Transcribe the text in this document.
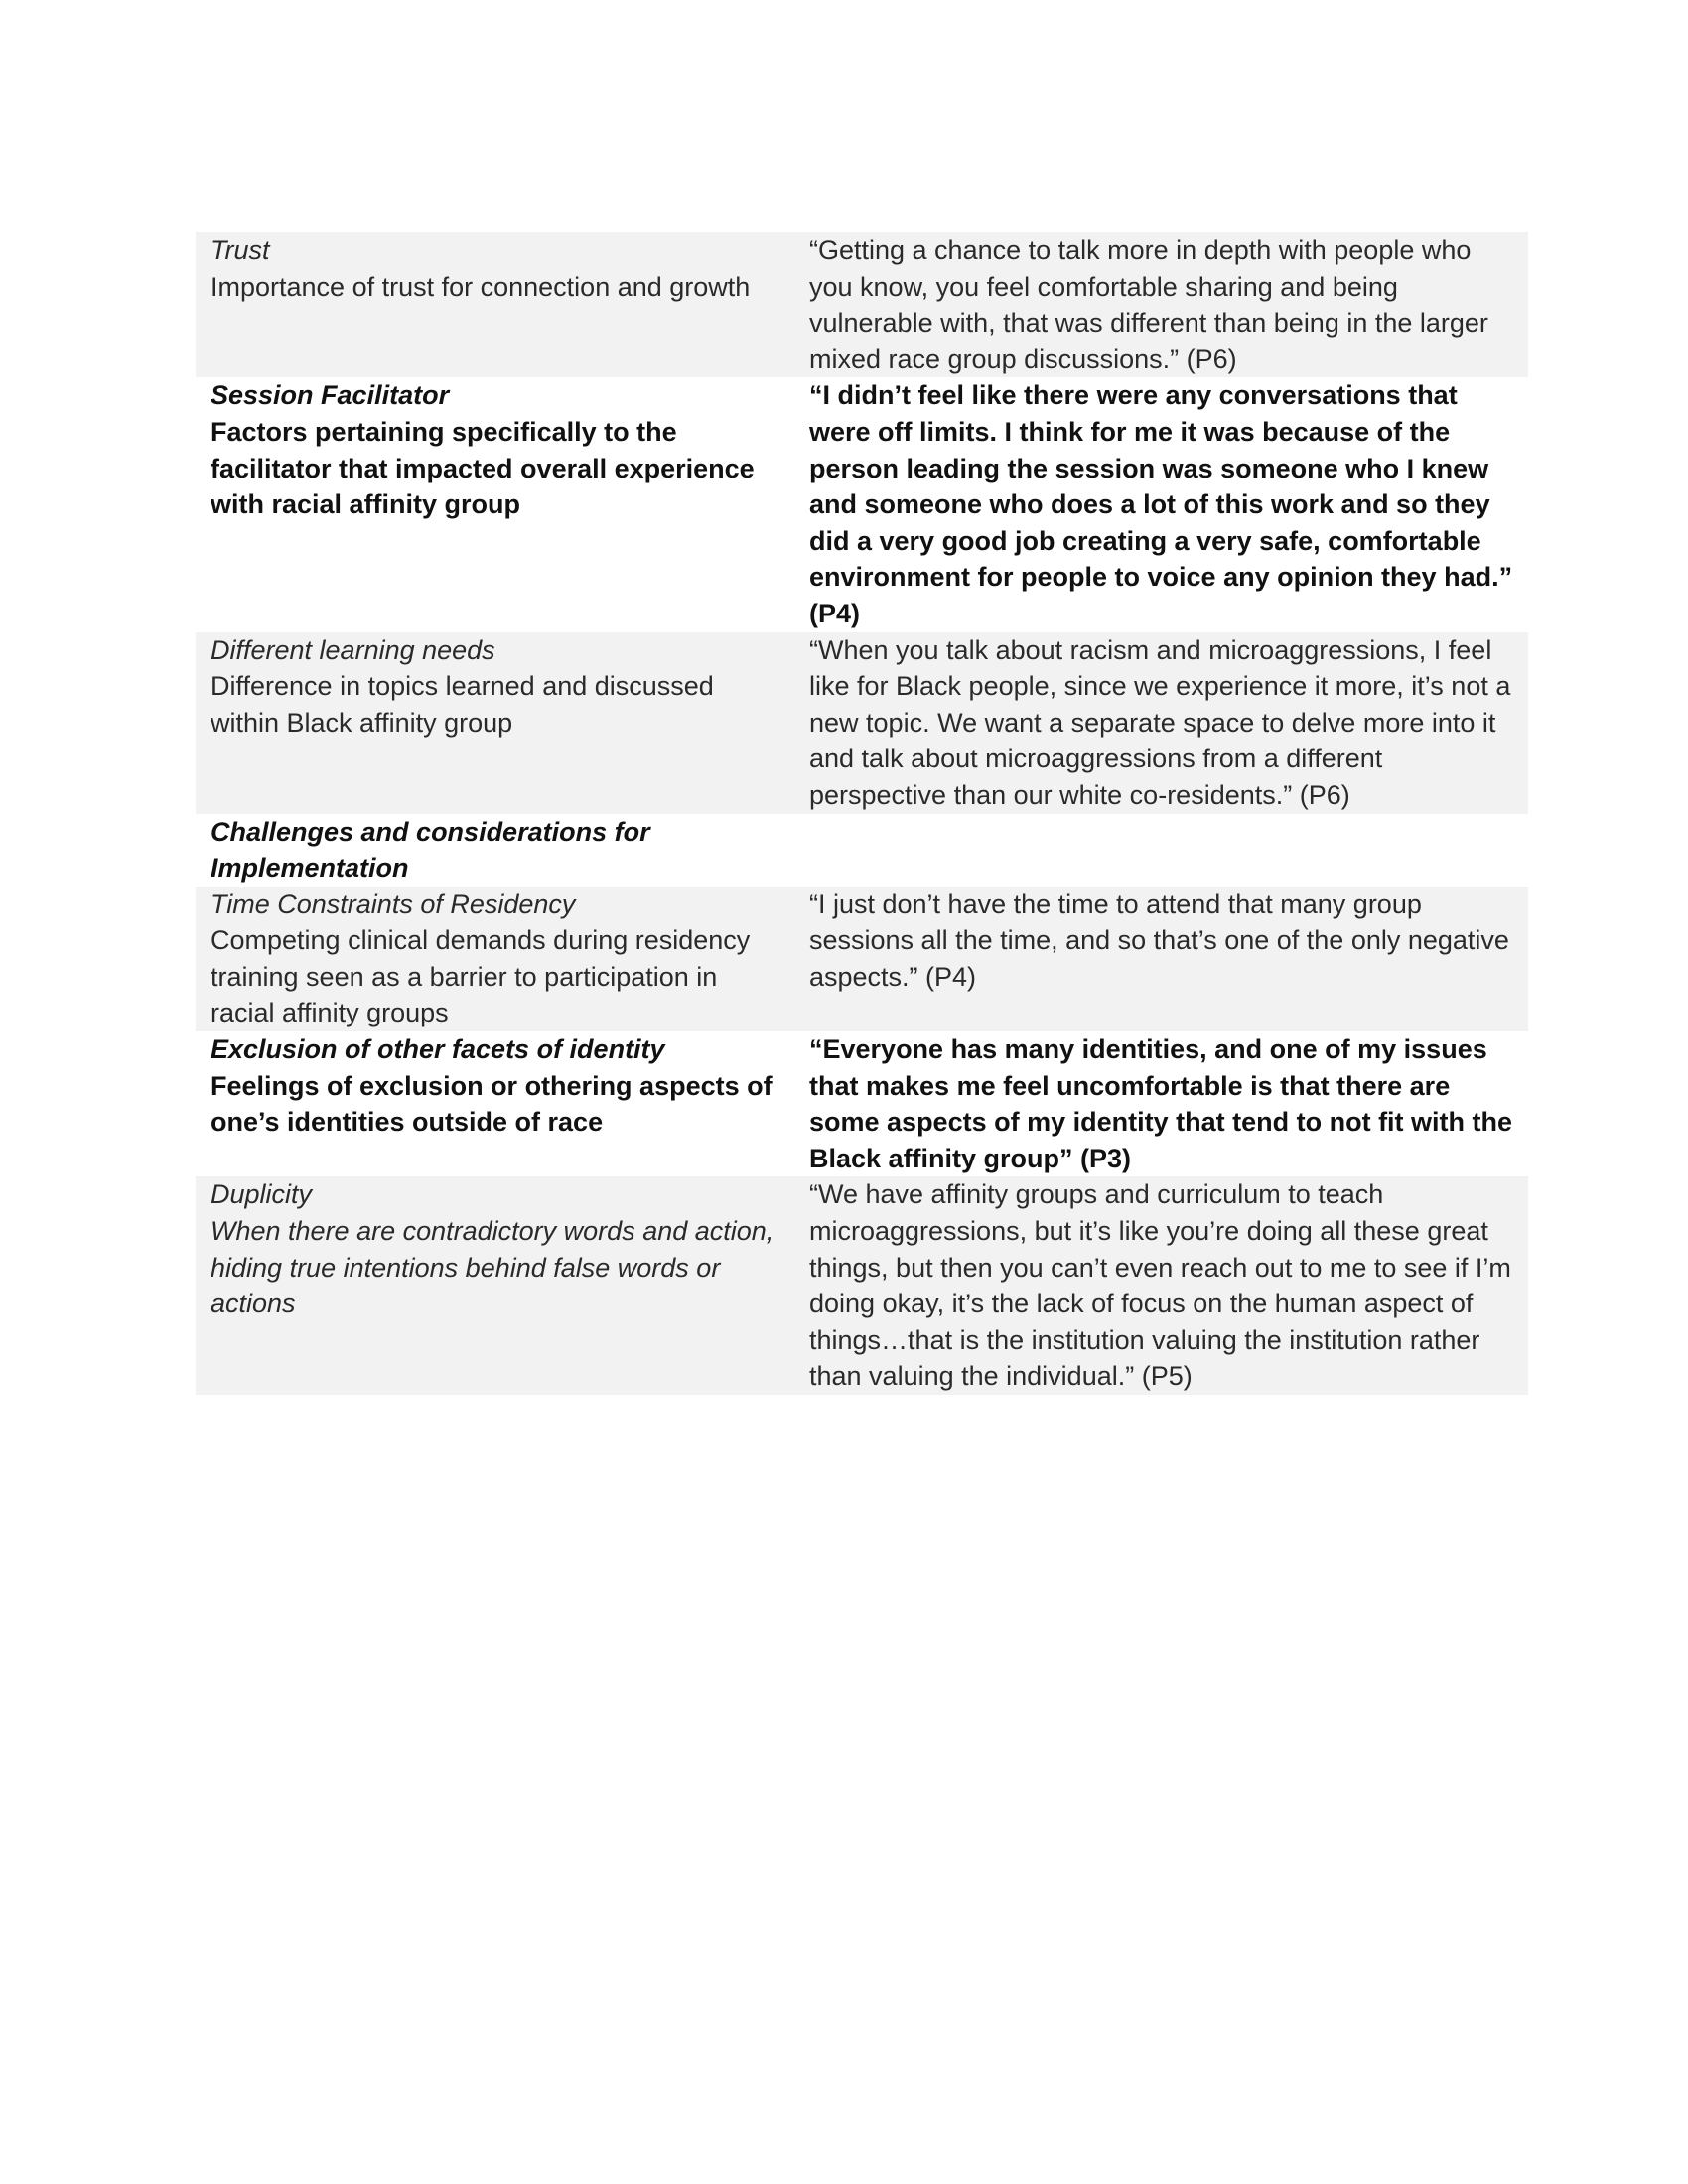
Trust
Importance of trust for connection and growth	“Getting a chance to talk more in depth with people who you know, you feel comfortable sharing and being vulnerable with, that was different than being in the larger mixed race group discussions.” (P6)

Session Facilitator
Factors pertaining specifically to the facilitator that impacted overall experience with racial affinity group	“I didn’t feel like there were any conversations that were off limits. I think for me it was because of the person leading the session was someone who I knew and someone who does a lot of this work and so they did a very good job creating a very safe, comfortable environment for people to voice any opinion they had.” (P4)

Different learning needs
Difference in topics learned and discussed within Black affinity group	“When you talk about racism and microaggressions, I feel like for Black people, since we experience it more, it’s not a new topic. We want a separate space to delve more into it and talk about microaggressions from a different perspective than our white co-residents.” (P6)

Challenges and considerations for Implementation	

Time Constraints of Residency
Competing clinical demands during residency training seen as a barrier to participation in racial affinity groups	“I just don’t have the time to attend that many group sessions all the time, and so that’s one of the only negative aspects.” (P4)

Exclusion of other facets of identity
Feelings of exclusion or othering aspects of one’s identities outside of race	“Everyone has many identities, and one of my issues that makes me feel uncomfortable is that there are some aspects of my identity that tend to not fit with the Black affinity group” (P3)

Duplicity
When there are contradictory words and action, hiding true intentions behind false words or actions	“We have affinity groups and curriculum to teach microaggressions, but it’s like you’re doing all these great things, but then you can’t even reach out to me to see if I’m doing okay, it’s the lack of focus on the human aspect of things…that is the institution valuing the institution rather than valuing the individual.” (P5)
